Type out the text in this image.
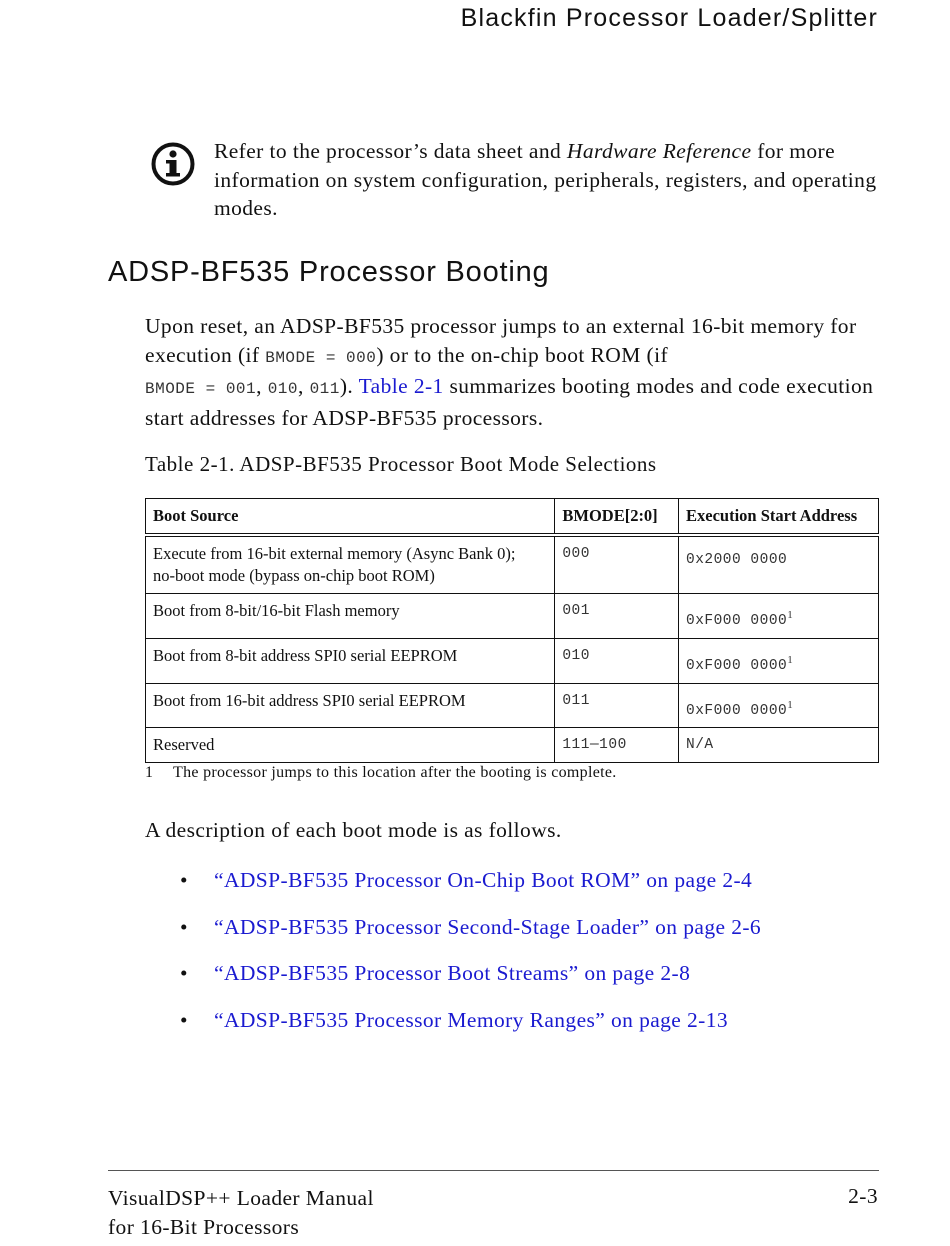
Blackfin Processor Loader/Splitter
Refer to the processor’s data sheet and Hardware Reference for more information on system configuration, peripherals, registers, and operating modes.
ADSP-BF535 Processor Booting

Upon reset, an ADSP-BF535 processor jumps to an external 16-bit memory for execution (if BMODE = 000) or to the on-chip boot ROM (if
BMODE = 001, 010, 011). Table 2-1 summarizes booting modes and code execution start addresses for ADSP-BF535 processors.

Table 2-1. ADSP-BF535 Processor Boot Mode Selections
Boot Source	BMODE[2:0]	Execution Start Address
Execute from 16-bit external memory (Async Bank 0);
no-boot mode (bypass on-chip boot ROM)	000	0x2000 0000
Boot from 8-bit/16-bit Flash memory	001	0xF000 0000$^1$
Boot from 8-bit address SPI0 serial EEPROM	010	0xF000 0000$^1$
Boot from 16-bit address SPI0 serial EEPROM	011	0xF000 0000$^1$
Reserved	111—100	N/A
1 The processor jumps to this location after the booting is complete.
A description of each boot mode is as follows.
• “ADSP-BF535 Processor On-Chip Boot ROM” on page 2-4
• “ADSP-BF535 Processor Second-Stage Loader” on page 2-6
• “ADSP-BF535 Processor Boot Streams” on page 2-8
• “ADSP-BF535 Processor Memory Ranges” on page 2-13
VisualDSP++ Loader Manual
for 16-Bit Processors
2-3
